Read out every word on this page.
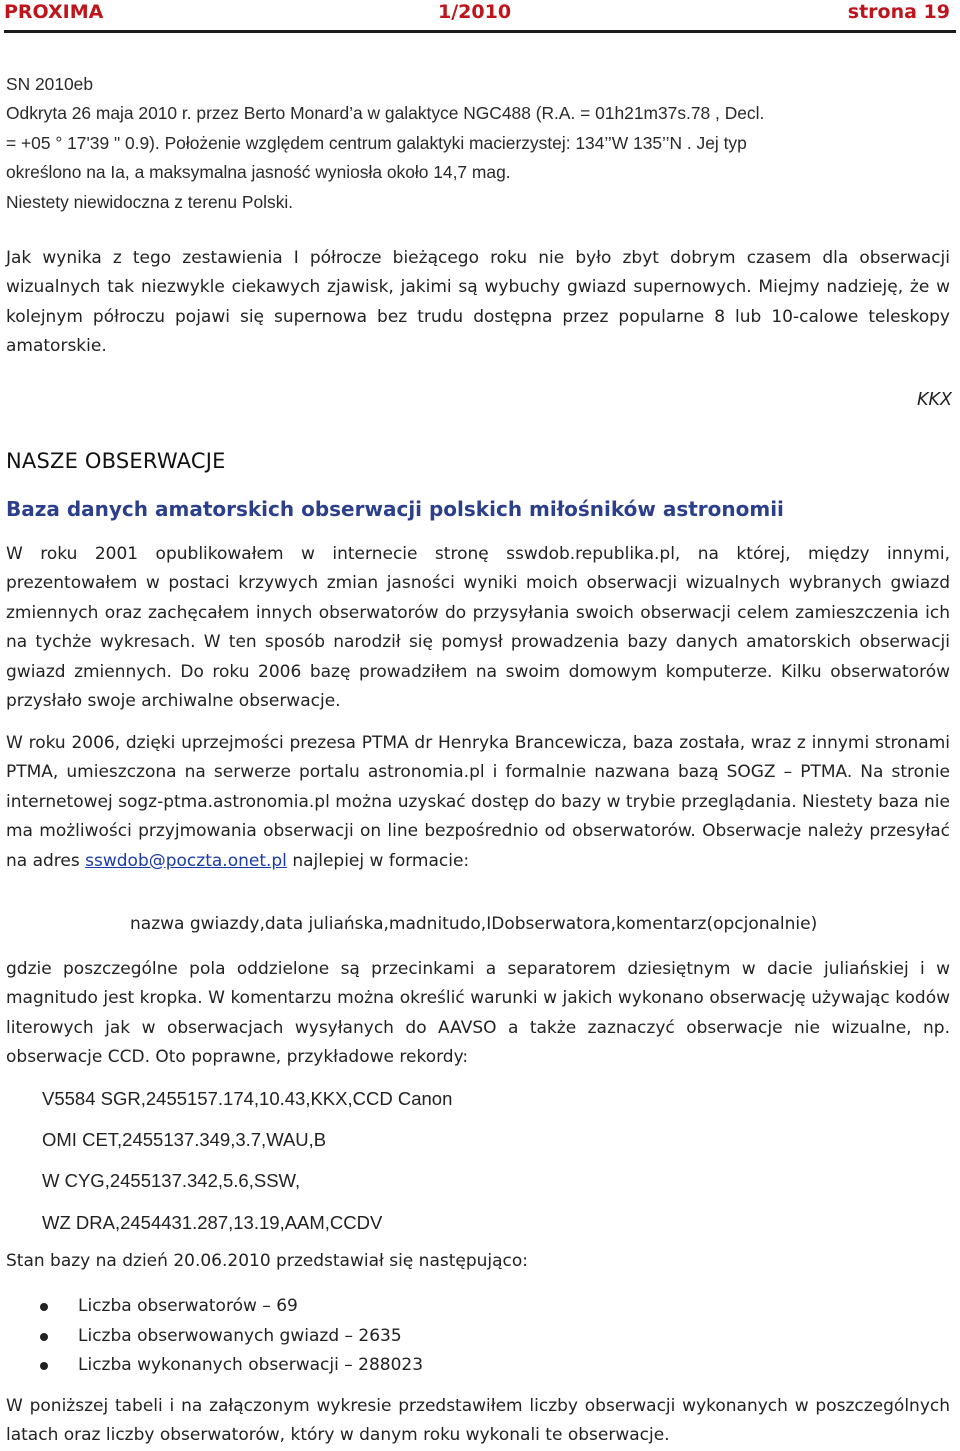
PROXIMA	1/2010	strona 19
SN 2010eb

Odkryta 26 maja 2010 r. przez Berto Monard’a w galaktyce NGC488 (R.A. = 01h21m37s.78 , Decl.

= +05 ° 17'39 " 0.9). Położenie względem centrum galaktyki macierzystej: 134’’W 135’’N . Jej typ

określono na Ia, a maksymalna jasność wyniosła około 14,7 mag.

Niestety niewidoczna z terenu Polski.

Jak wynika z tego zestawienia I półrocze bieżącego roku nie było zbyt dobrym czasem dla obserwacji wizualnych tak niezwykle ciekawych zjawisk, jakimi są wybuchy gwiazd supernowych. Miejmy nadzieję, że w kolejnym półroczu pojawi się supernowa bez trudu dostępna przez popularne 8 lub 10-calowe teleskopy amatorskie.

KKX
NASZE OBSERWACJE
Baza danych amatorskich obserwacji polskich miłośników astronomii

W roku 2001 opublikowałem w internecie stronę sswdob.republika.pl, na której, między innymi, prezentowałem w postaci krzywych zmian jasności wyniki moich obserwacji wizualnych wybranych gwiazd zmiennych oraz zachęcałem innych obserwatorów do przysyłania swoich obserwacji celem zamieszczenia ich na tychże wykresach. W ten sposób narodził się pomysł prowadzenia bazy danych amatorskich obserwacji gwiazd zmiennych. Do roku 2006 bazę prowadziłem na swoim domowym komputerze. Kilku obserwatorów przysłało swoje archiwalne obserwacje.

W roku 2006, dzięki uprzejmości prezesa PTMA dr Henryka Brancewicza, baza została, wraz z innymi stronami PTMA, umieszczona na serwerze portalu astronomia.pl i formalnie nazwana bazą SOGZ – PTMA. Na stronie internetowej sogz-ptma.astronomia.pl można uzyskać dostęp do bazy w trybie przeglądania. Niestety baza nie ma możliwości przyjmowania obserwacji on line bezpośrednio od obserwatorów. Obserwacje należy przesyłać na adres sswdob@poczta.onet.pl najlepiej w formacie:

nazwa gwiazdy,data juliańska,madnitudo,IDobserwatora,komentarz(opcjonalnie)

gdzie poszczególne pola oddzielone są przecinkami a separatorem dziesiętnym w dacie juliańskiej i w magnitudo jest kropka. W komentarzu można określić warunki w jakich wykonano obserwację używając kodów literowych jak w obserwacjach wysyłanych do AAVSO a także zaznaczyć obserwacje nie wizualne, np. obserwacje CCD. Oto poprawne, przykładowe rekordy:

V5584 SGR,2455157.174,10.43,KKX,CCD Canon
OMI CET,2455137.349,3.7,WAU,B
W CYG,2455137.342,5.6,SSW,
WZ DRA,2454431.287,13.19,AAM,CCDV
Stan bazy na dzień 20.06.2010 przedstawiał się następująco:
Liczba obserwatorów – 69
Liczba obserwowanych gwiazd – 2635
Liczba wykonanych obserwacji – 288023

W poniższej tabeli i na załączonym wykresie przedstawiłem liczby obserwacji wykonanych w poszczególnych latach oraz liczby obserwatorów, który w danym roku wykonali te obserwacje.
